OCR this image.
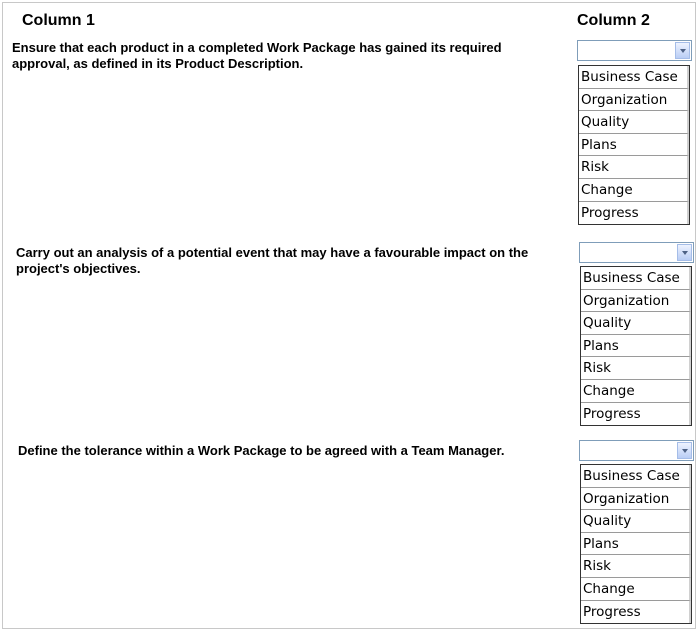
Column 1	Column 2
Ensure that each product in a completed Work Package has gained its required approval, as defined in its Product Description.
Business Case
Organization
Quality
Plans
Risk
Change
Progress
Carry out an analysis of a potential event that may have a favourable impact on the project's objectives.
Business Case
Organization
Quality
Plans
Risk
Change
Progress
Define the tolerance within a Work Package to be agreed with a Team Manager.
Business Case
Organization
Quality
Plans
Risk
Change
Progress
